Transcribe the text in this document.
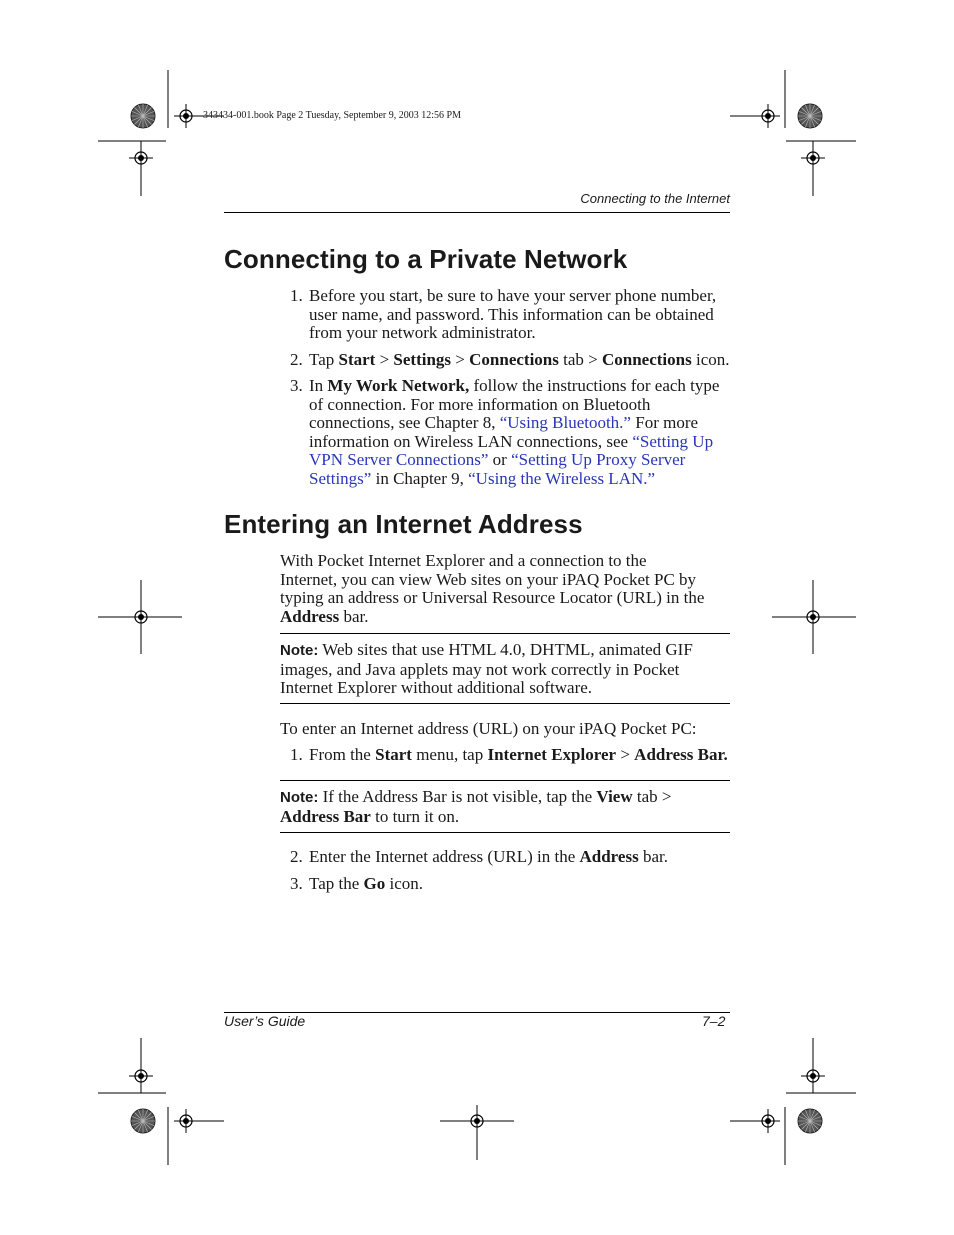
343434-001.book Page 2 Tuesday, September 9, 2003 12:56 PM
Connecting to the Internet
Connecting to a Private Network
1. Before you start, be sure to have your server phone number,
user name, and password. This information can be obtained
from your network administrator.
2. Tap Start > Settings > Connections tab > Connections icon.
3. In My Work Network, follow the instructions for each type
of connection. For more information on Bluetooth
connections, see Chapter 8, “Using Bluetooth.” For more
information on Wireless LAN connections, see “Setting Up
VPN Server Connections” or “Setting Up Proxy Server
Settings” in Chapter 9, “Using the Wireless LAN.”
Entering an Internet Address
With Pocket Internet Explorer and a connection to the
Internet, you can view Web sites on your iPAQ Pocket PC by
typing an address or Universal Resource Locator (URL) in the
Address bar.
Note: Web sites that use HTML 4.0, DHTML, animated GIF
images, and Java applets may not work correctly in Pocket
Internet Explorer without additional software.
To enter an Internet address (URL) on your iPAQ Pocket PC:
1. From the Start menu, tap Internet Explorer > Address Bar.
Note: If the Address Bar is not visible, tap the View tab >
Address Bar to turn it on.
2. Enter the Internet address (URL) in the Address bar.
3. Tap the Go icon.
User’s Guide	7–2
